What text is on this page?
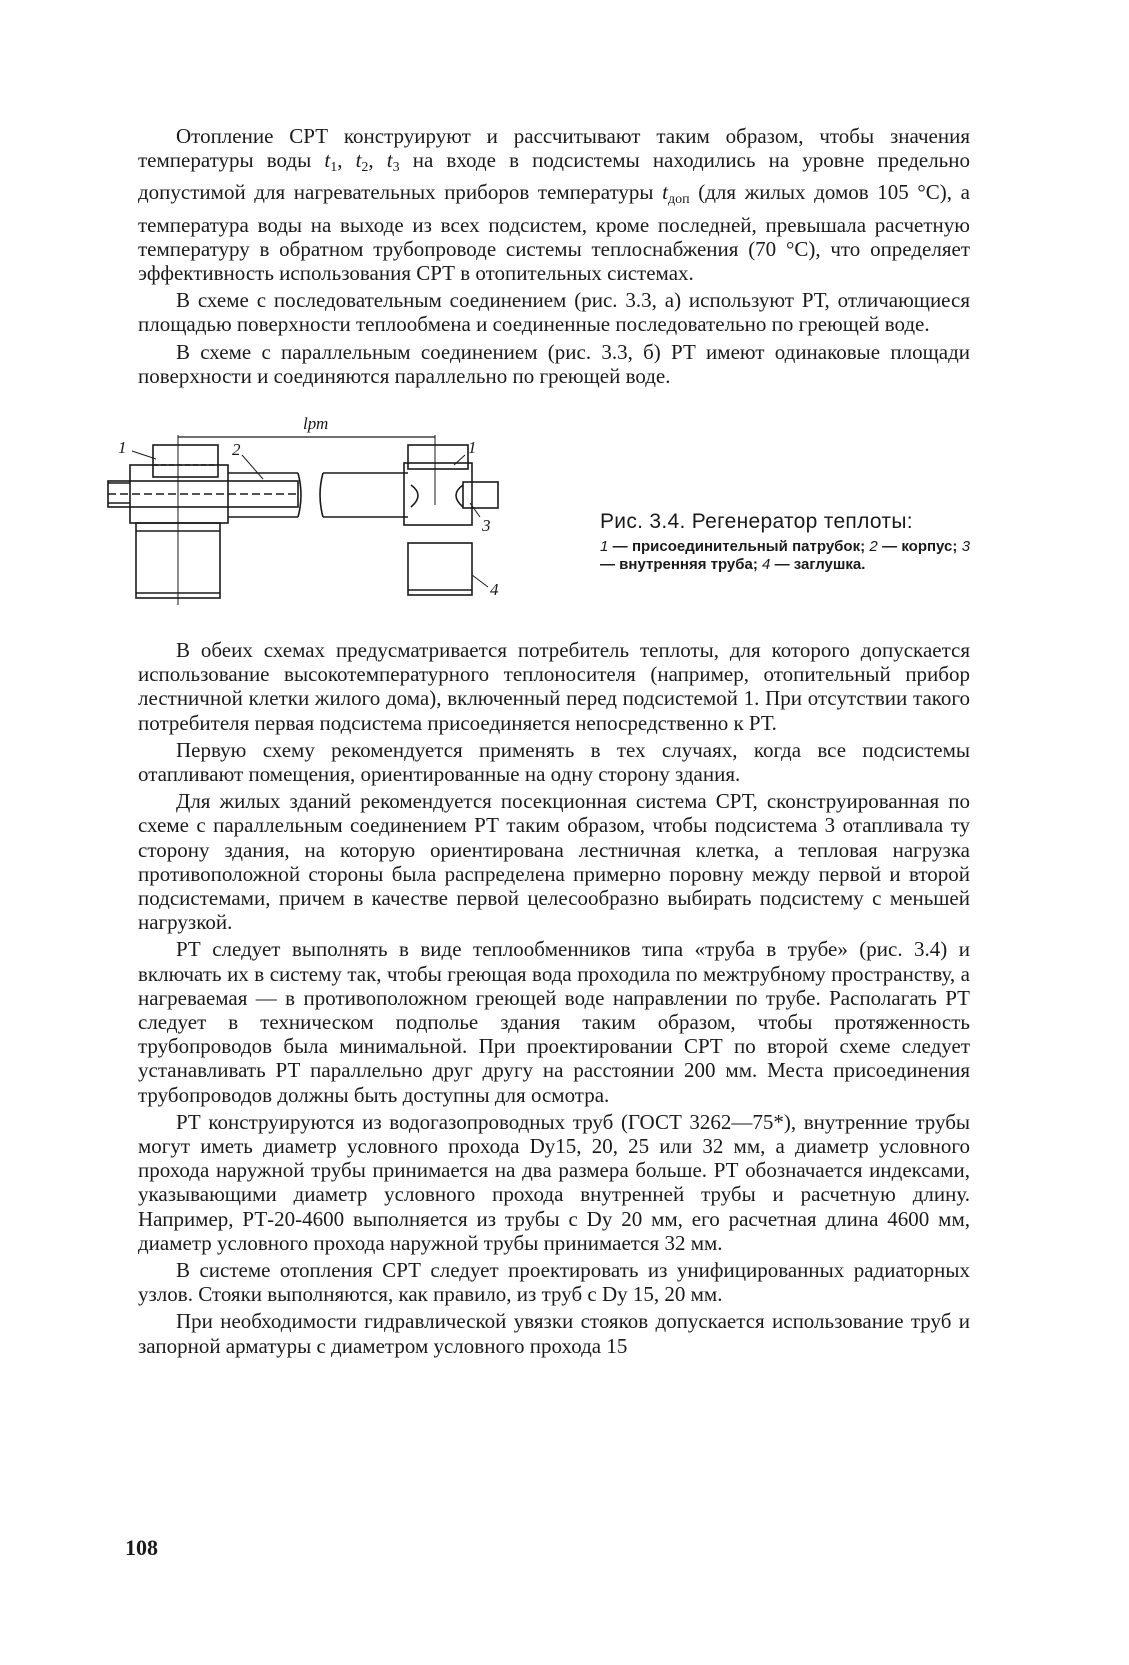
Отопление СРТ конструируют и рассчитывают таким образом, чтобы значения температуры воды $t_1$, $t_2$, $t_3$ на входе в подсистемы находились на уровне предельно допустимой для нагревательных приборов температуры $t_{доп}$ (для жилых домов 105 °С), а температура воды на выходе из всех подсистем, кроме последней, превышала расчетную температуру в обратном трубопроводе системы теплоснабжения (70 °С), что определяет эффективность использования СРТ в отопительных системах.

В схеме с последовательным соединением (рис. 3.3, а) используют РТ, отличающиеся площадью поверхности теплообмена и соединенные последовательно по греющей воде.

В схеме с параллельным соединением (рис. 3.3, б) РТ имеют одинаковые площади поверхности и соединяются параллельно по греющей воде.

lрт
1	2	1
3
4

Рис. 3.4. Регенератор теплоты:

1 — присоединительный патрубок; 2 — корпус; 3 — внутренняя труба; 4 — заглушка.

В обеих схемах предусматривается потребитель теплоты, для которого допускается использование высокотемпературного теплоносителя (например, отопительный прибор лестничной клетки жилого дома), включенный перед подсистемой 1. При отсутствии такого потребителя первая подсистема присоединяется непосредственно к РТ.

Первую схему рекомендуется применять в тех случаях, когда все подсистемы отапливают помещения, ориентированные на одну сторону здания.

Для жилых зданий рекомендуется посекционная система СРТ, сконструированная по схеме с параллельным соединением РТ таким образом, чтобы подсистема 3 отапливала ту сторону здания, на которую ориентирована лестничная клетка, а тепловая нагрузка противоположной стороны была распределена примерно поровну между первой и второй подсистемами, причем в качестве первой целесообразно выбирать подсистему с меньшей нагрузкой.

РТ следует выполнять в виде теплообменников типа «труба в трубе» (рис. 3.4) и включать их в систему так, чтобы греющая вода проходила по межтрубному пространству, а нагреваемая — в противоположном греющей воде направлении по трубе. Располагать РТ следует в техническом подполье здания таким образом, чтобы протяженность трубопроводов была минимальной. При проектировании СРТ по второй схеме следует устанавливать РТ параллельно друг другу на расстоянии 200 мм. Места присоединения трубопроводов должны быть доступны для осмотра.

РТ конструируются из водогазопроводных труб (ГОСТ 3262—75*), внутренние трубы могут иметь диаметр условного прохода Dу15, 20, 25 или 32 мм, а диаметр условного прохода наружной трубы принимается на два размера больше. РТ обозначается индексами, указывающими диаметр условного прохода внутренней трубы и расчетную длину. Например, РТ-20-4600 выполняется из трубы с Dу 20 мм, его расчетная длина 4600 мм, диаметр условного прохода наружной трубы принимается 32 мм.

В системе отопления СРТ следует проектировать из унифицированных радиаторных узлов. Стояки выполняются, как правило, из труб с Dу 15, 20 мм.

При необходимости гидравлической увязки стояков допускается использование труб и запорной арматуры с диаметром условного прохода 15

108
